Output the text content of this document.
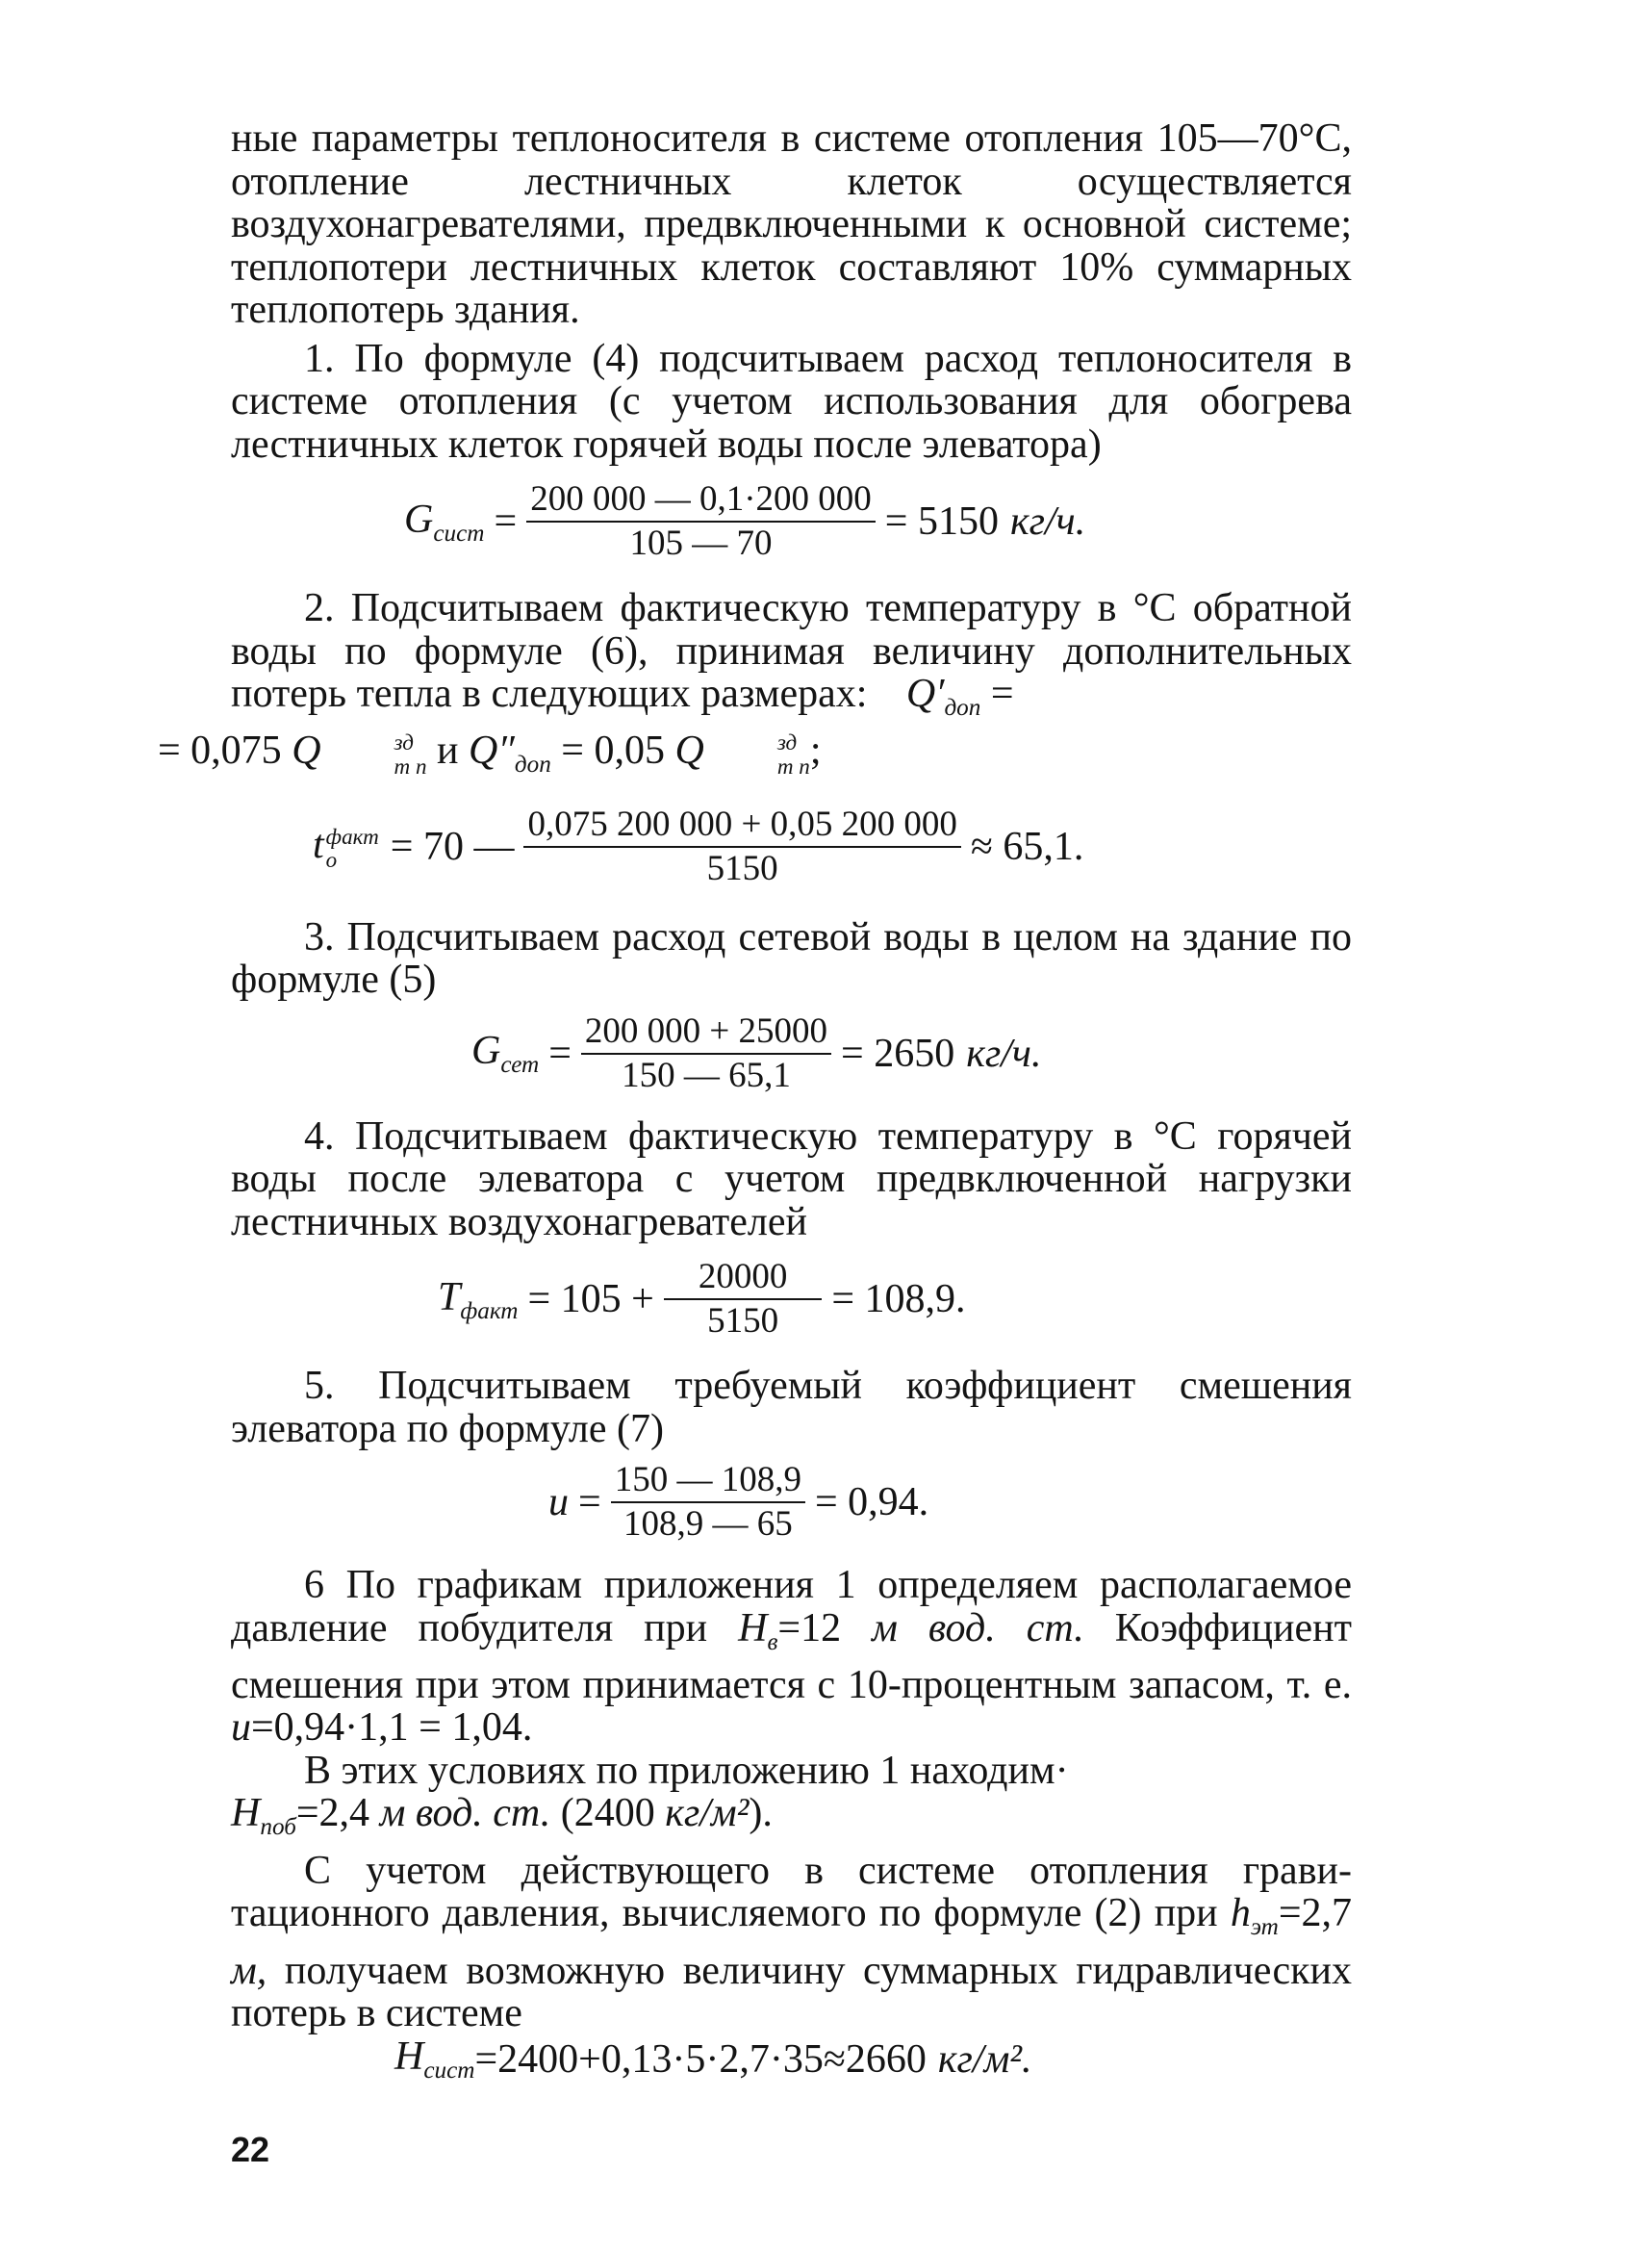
ные параметры теплоносителя в системе отопления 105—70°С, отопление лестничных клеток осуществляется воздухонагревателями, предвключенными к основной системе; теплопотери лестничных клеток составляют 10% суммарных теплопотерь здания.

1. По формуле (4) подсчитываем расход теплоносителя в системе отопления (с учетом использования для обогрева лестничных клеток горячей воды после элеватора)

$G_{сист} = \frac{200 000 — 0,1\cdot 200 000}{105 — 70} = 5150$ кг/ч.

2. Подсчитываем фактическую температуру в °С обратной воды по формуле (6), принимая величину дополнительных потерь тепла в следующих размерах: $Q'_{доп}$ =
= 0,075 Q	зд
т п и $Q''_{доп} = 0,05$ Q	зд
т п ;

t факт
о	= 70 — $\frac{0,075 200 000 + 0,05 200 000}{5150} \approx 65,1$.

3. Подсчитываем расход сетевой воды в целом на здание по формуле (5)

$G_{сет} = \frac{200 000 + 25000}{150 — 65,1} = 2650$ кг/ч.

4. Подсчитываем фактическую температуру в °С горячей воды после элеватора с учетом предвключенной нагрузки лестничных воздухонагревателей

$T_{факт} = 105 + \frac{20000}{5150} = 108,9$.

5. Подсчитываем требуемый коэффициент смешения элеватора по формуле (7)

$u = \frac{150 — 108,9}{108,9 — 65} = 0,94$.

6 По графикам приложения 1 определяем располагаемое давление побудителя при $H_в=12$ м вод. ст. Коэффициент смешения при этом принимается с 10-процентным запасом, т. е. u=0,94·1,1 = 1,04.

В этих условиях по приложению 1 находим·
$H_{поб}=2,4$ м вод. ст. (2400 кг/м²).

С учетом действующего в системе отопления гравитационного давления, вычисляемого по формуле (2) при $h_{эт}=2,7$ м, получаем возможную величину суммарных гидравлических потерь в системе

$H_{сист} =2400+0,13\cdot 5\cdot 2,7\cdot 35\approx 2660$ кг/м².
22
